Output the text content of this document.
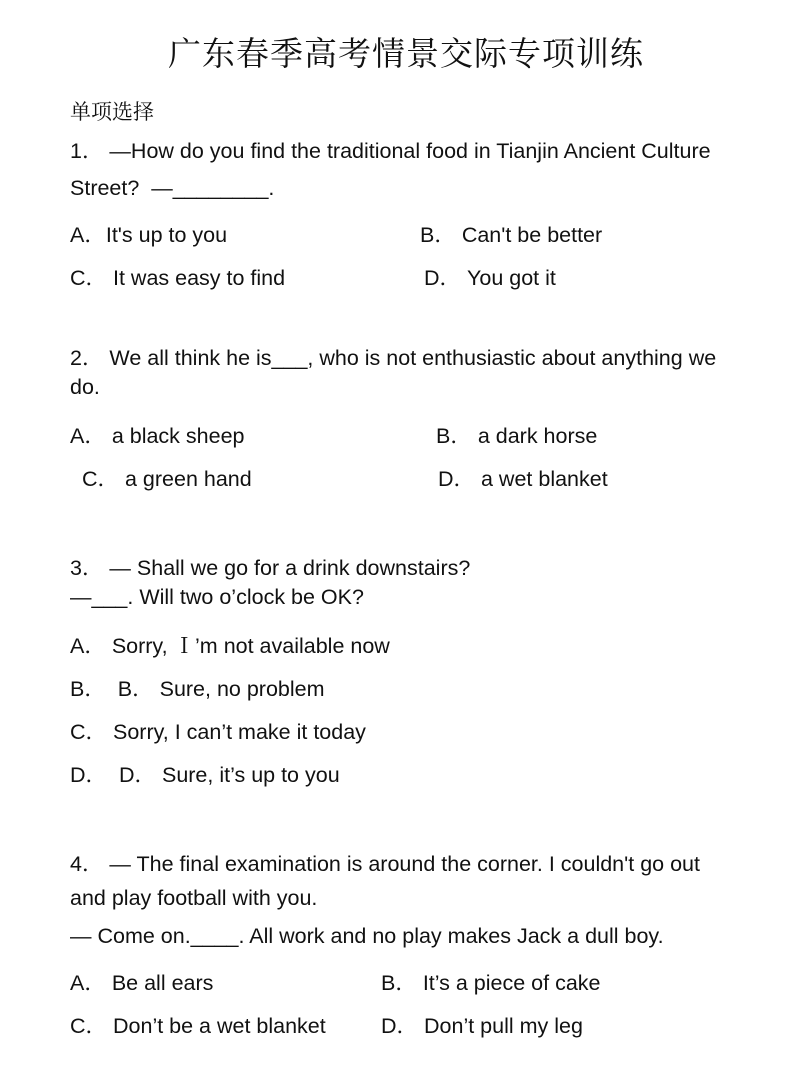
广东春季高考情景交际专项训练
单项选择
1． —How do you find the traditional food in Tianjin Ancient Culture
Street?  —________.
A．It's up to you	B． Can't be better
C． It was easy to find	D． You got it
2． We all think he is___, who is not enthusiastic about anything we
do.
A． a black sheep	B． a dark horse
C． a green hand	D． a wet blanket
3． — Shall we go for a drink downstairs?
—___. Will two o’clock be OK?
A． Sorry, Ｉ’m not available now
B．  B． Sure, no problem
C． Sorry, I can’t make it today
D．  D． Sure, it’s up to you
4． — The final examination is around the corner. I couldn't go out
and play football with you.
— Come on.____. All work and no play makes Jack a dull boy.
A． Be all ears	B． It’s a piece of cake
C． Don’t be a wet blanket	D． Don’t pull my leg
